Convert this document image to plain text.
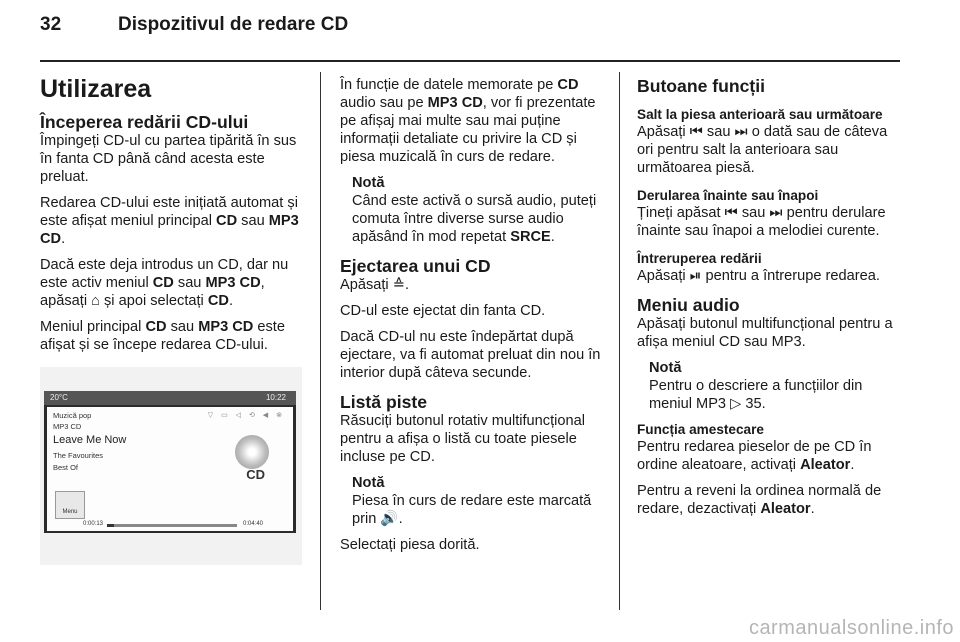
32	Dispozitivul de redare CD
Utilizarea
Începerea redării CD-ului

Împingeți CD-ul cu partea tipărită în sus în fanta CD până când acesta este preluat.

Redarea CD-ului este inițiată automat și este afișat meniul principal CD sau MP3 CD.

Dacă este deja introdus un CD, dar nu este activ meniul CD sau MP3 CD, apăsați ⌂ și apoi selectați CD.

Meniul principal CD sau MP3 CD este afișat și se începe redarea CD-ului.

20°C	10:22
▽ ▭ ◁ ⟲ ◀ ⊗
Muzică pop
MP3 CD
Leave Me Now
The Favourites
Best Of	CD
Menu
0:00:13	0:04:40

În funcție de datele memorate pe CD audio sau pe MP3 CD, vor fi prezentate pe afișaj mai multe sau mai puține informații detaliate cu privire la CD și piesa muzicală în curs de redare.

Notă
Când este activă o sursă audio, puteți comuta între diverse surse audio apăsând în mod repetat SRCE.
Ejectarea unui CD

Apăsați ≙.

CD-ul este ejectat din fanta CD.

Dacă CD-ul nu este îndepărtat după ejectare, va fi automat preluat din nou în interior după câteva secunde.

Listă piste

Răsuciți butonul rotativ multifuncțional pentru a afișa o listă cu toate piesele incluse pe CD.

Notă
Piesa în curs de redare este marcată prin 🔊.

Selectați piesa dorită.

Butoane funcții
Salt la piesa anterioară sau următoare

Apăsați ⏮ sau ⏭ o dată sau de câteva ori pentru salt la anterioara sau următoarea piesă.

Derularea înainte sau înapoi

Țineți apăsat ⏮ sau ⏭ pentru derulare înainte sau înapoi a melodiei curente.

Întreruperea redării

Apăsați ⏯ pentru a întrerupe redarea.

Meniu audio

Apăsați butonul multifuncțional pentru a afișa meniul CD sau MP3.

Notă
Pentru o descriere a funcțiilor din meniul MP3 ▷ 35.
Funcția amestecare

Pentru redarea pieselor de pe CD în ordine aleatoare, activați Aleator.

Pentru a reveni la ordinea normală de redare, dezactivați Aleator.

carmanualsonline.info
